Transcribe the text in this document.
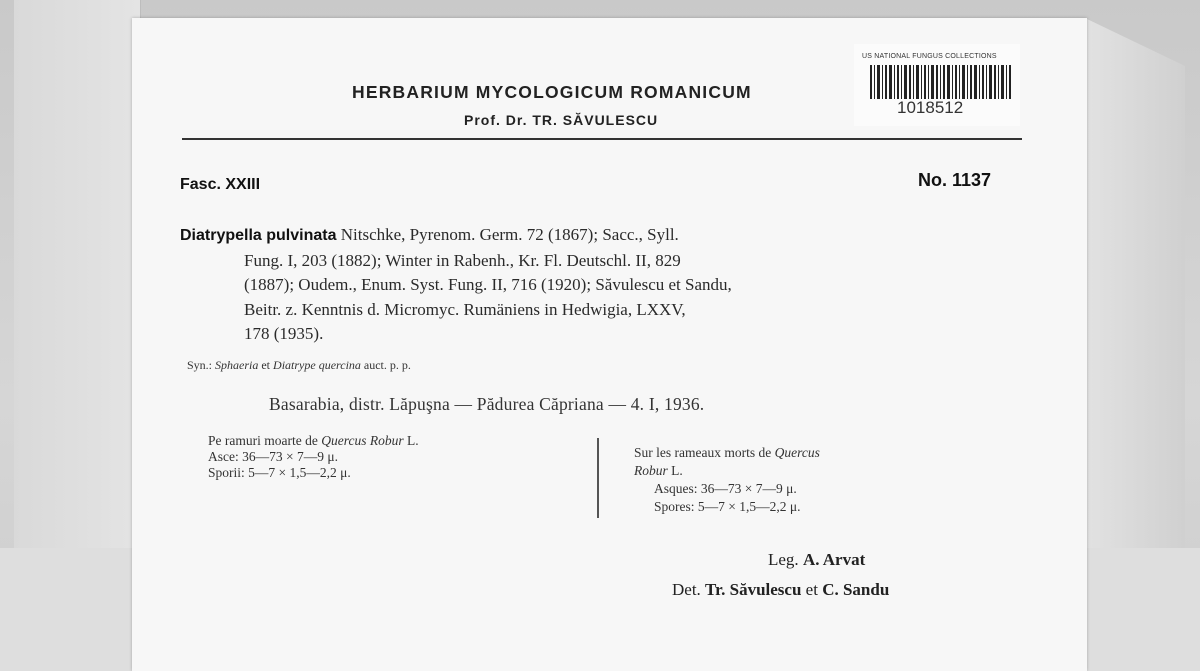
HERBARIUM MYCOLOGICUM ROMANICUM
Prof. Dr. TR. SĂVULESCU
US NATIONAL FUNGUS COLLECTIONS
1018512
Fasc. XXIII	No. 1137
Diatrypella pulvinata Nitschke, Pyrenom. Germ. 72 (1867); Sacc., Syll.
Fung. I, 203 (1882); Winter in Rabenh., Kr. Fl. Deutschl. II, 829
(1887); Oudem., Enum. Syst. Fung. II, 716 (1920); Săvulescu et Sandu,
Beitr. z. Kenntnis d. Micromyc. Rumäniens in Hedwigia, LXXV,
178 (1935).
Syn.: Sphaeria et Diatrype quercina auct. p. p.
Basarabia, distr. Lăpuşna — Pădurea Căpriana — 4. I, 1936.
Pe ramuri moarte de Quercus Robur L.
Asce: 36—73 × 7—9 μ.
Sporii: 5—7 × 1,5—2,2 μ.
Sur les rameaux morts de Quercus
Robur L.
Asques: 36—73 × 7—9 μ.
Spores: 5—7 × 1,5—2,2 μ.
Leg. A. Arvat
Det. Tr. Săvulescu et C. Sandu
